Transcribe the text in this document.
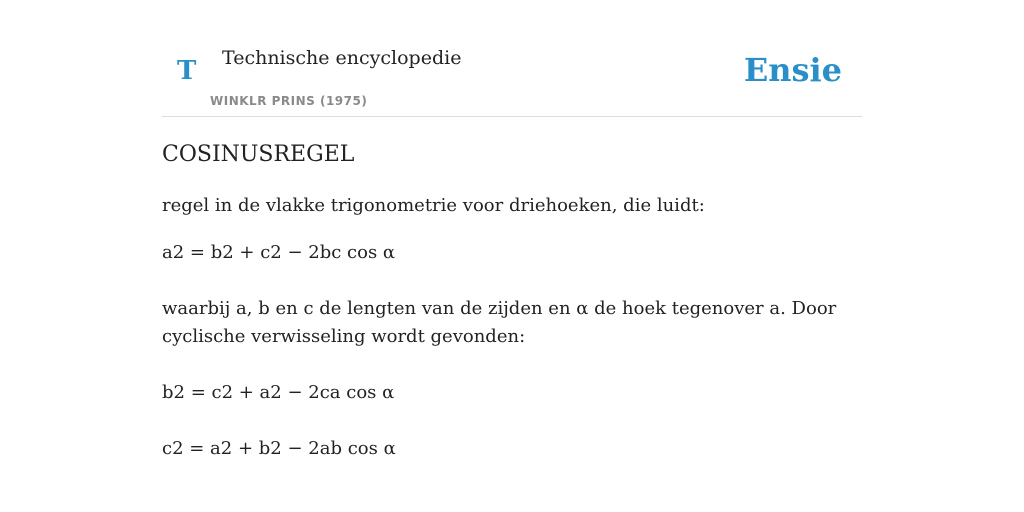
T Technische encyclopedie
WINKLR PRINS (1975)
Ensie
COSINUSREGEL
regel in de vlakke trigonometrie voor driehoeken, die luidt:
a2 = b2 + c2 − 2bc cos α
waarbij a, b en c de lengten van de zijden en α de hoek tegenover a. Door cyclische verwisseling wordt gevonden:
b2 = c2 + a2 − 2ca cos α
c2 = a2 + b2 − 2ab cos α
